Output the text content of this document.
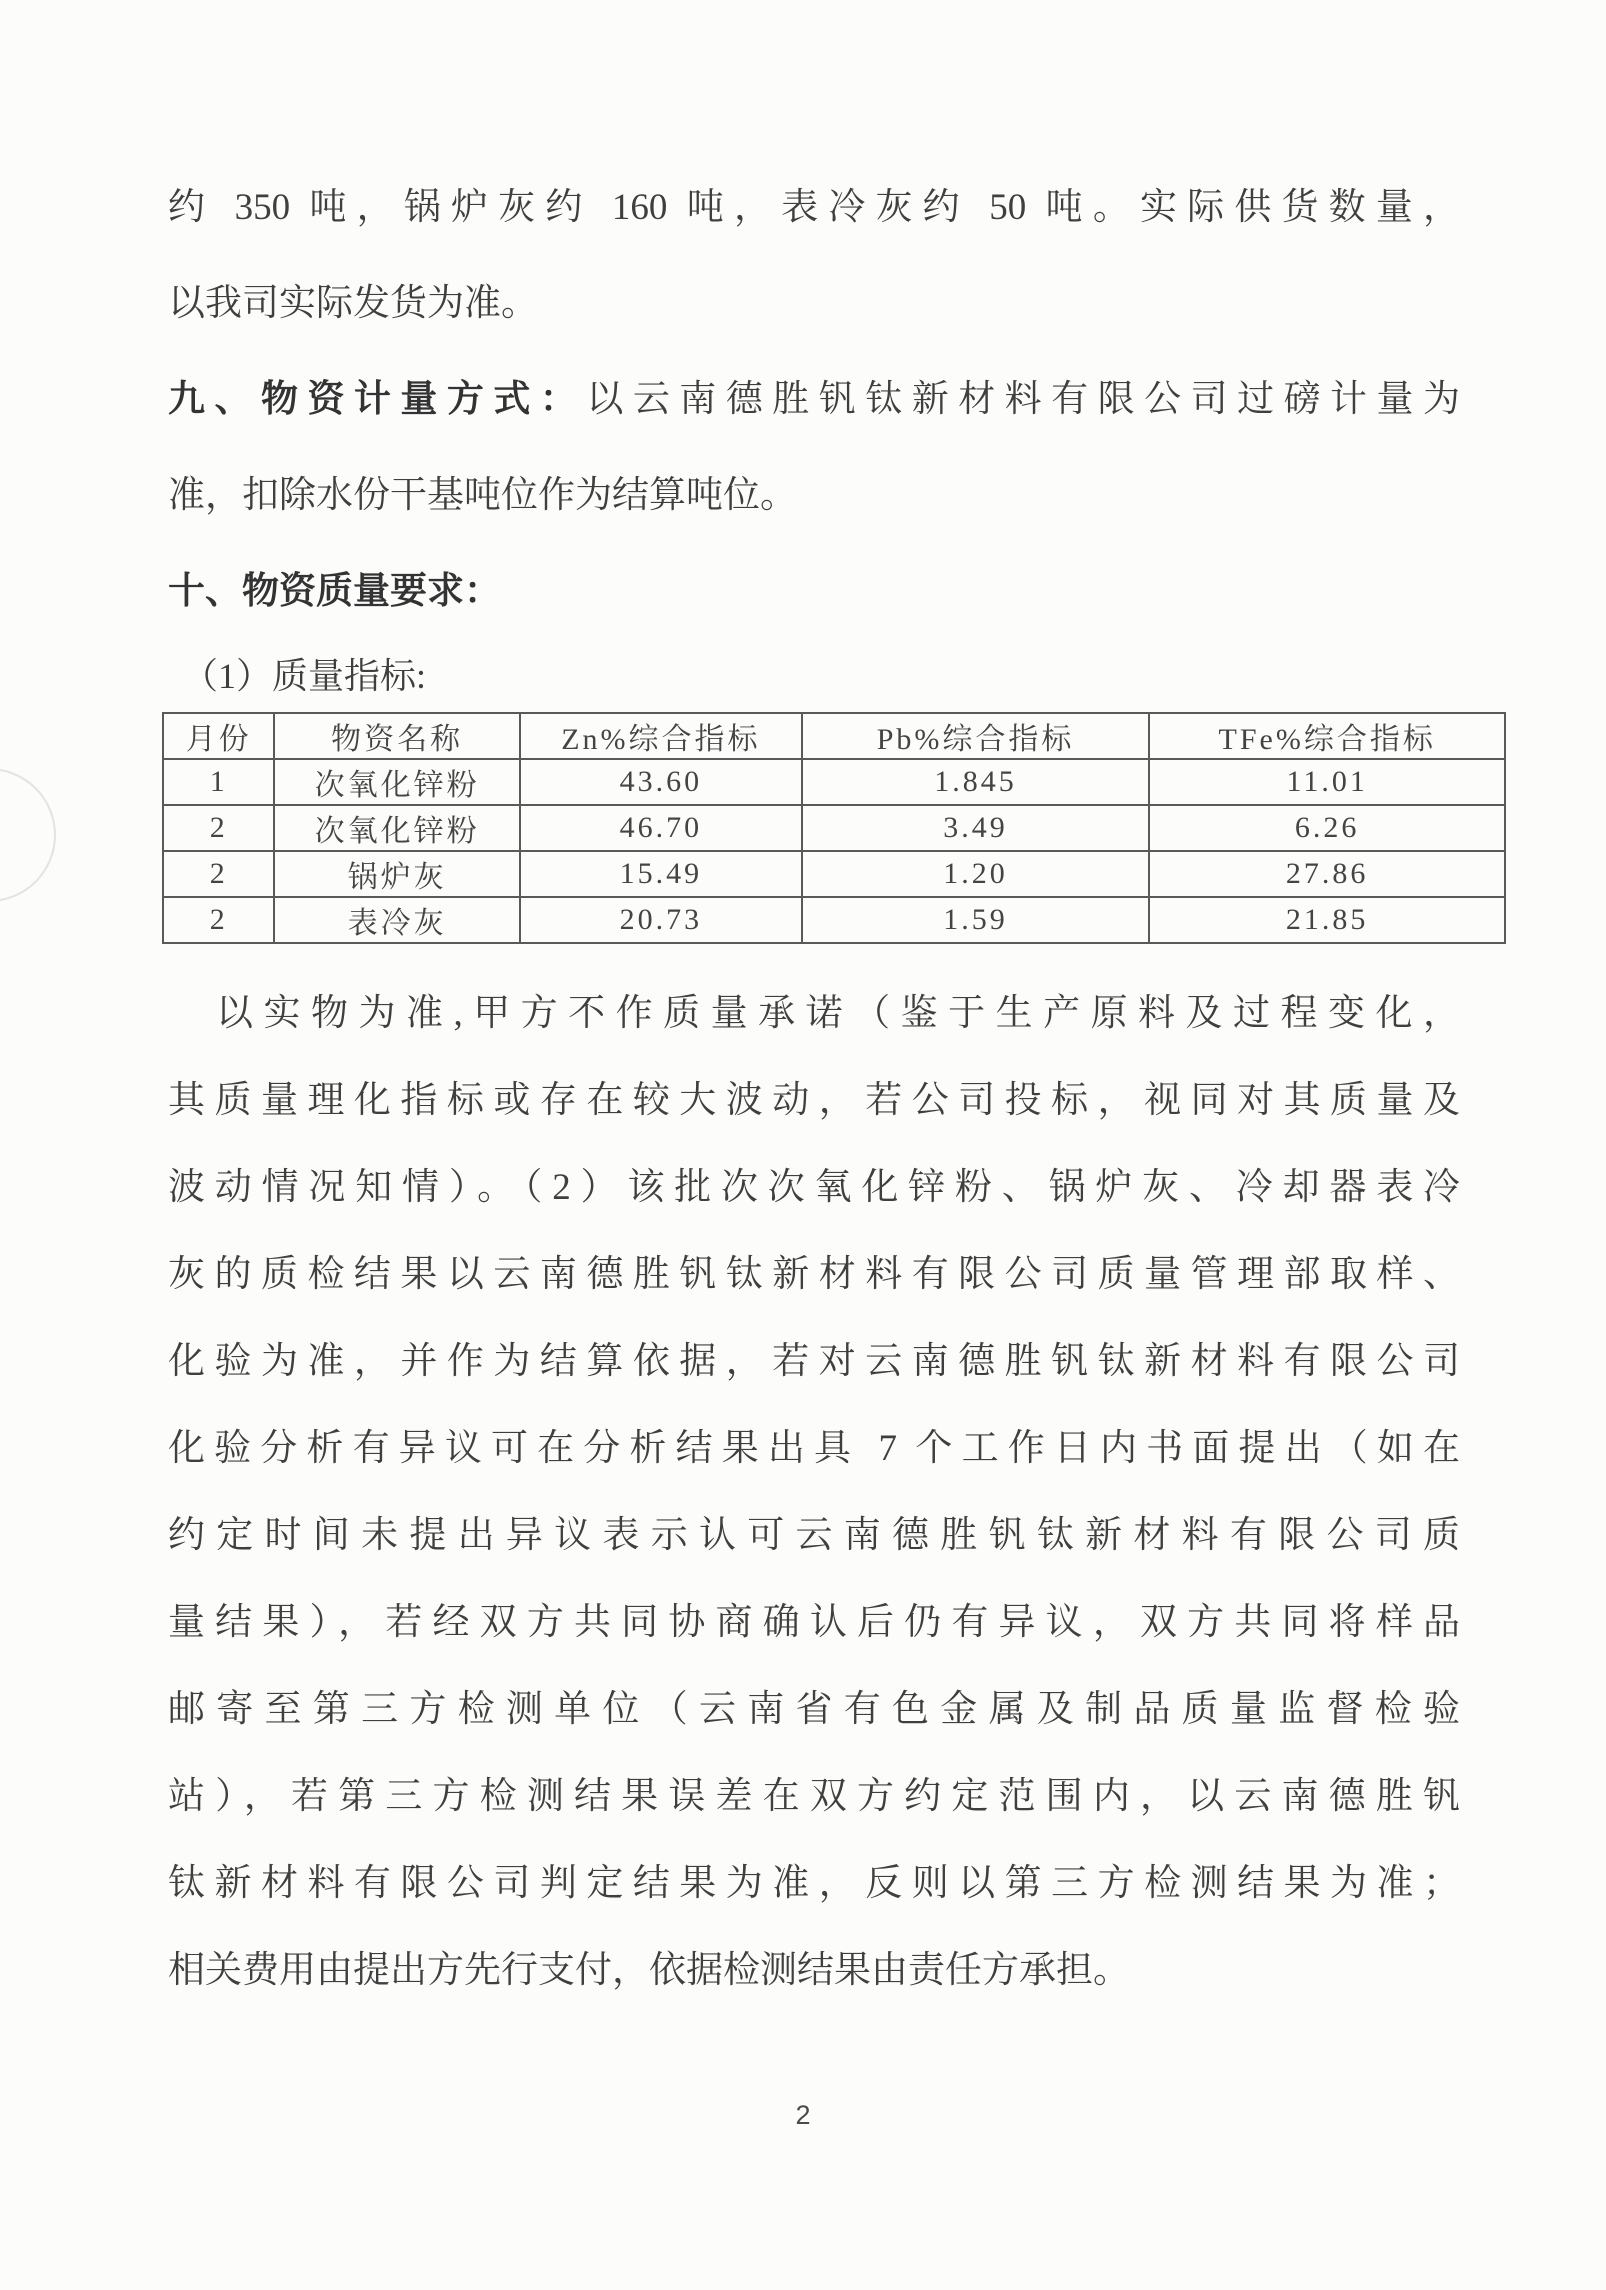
约 350 吨，锅炉灰约 160 吨，表冷灰约 50 吨。实际供货数量，
以我司实际发货为准。
九、物资计量方式：以云南德胜钒钛新材料有限公司过磅计量为
准，扣除水份干基吨位作为结算吨位。
十、物资质量要求：
（1）质量指标:
月份	物资名称	Zn%综合指标	Pb%综合指标	TFe%综合指标
1	次氧化锌粉	43.60	1.845	11.01
2	次氧化锌粉	46.70	3.49	6.26
2	锅炉灰	15.49	1.20	27.86
2	表冷灰	20.73	1.59	21.85
以实物为准,甲方不作质量承诺（鉴于生产原料及过程变化，
其质量理化指标或存在较大波动，若公司投标，视同对其质量及
波动情况知情）。（2）该批次次氧化锌粉、锅炉灰、冷却器表冷
灰的质检结果以云南德胜钒钛新材料有限公司质量管理部取样、
化验为准，并作为结算依据，若对云南德胜钒钛新材料有限公司
化验分析有异议可在分析结果出具 7 个工作日内书面提出（如在
约定时间未提出异议表示认可云南德胜钒钛新材料有限公司质
量结果），若经双方共同协商确认后仍有异议，双方共同将样品
邮寄至第三方检测单位（云南省有色金属及制品质量监督检验
站），若第三方检测结果误差在双方约定范围内，以云南德胜钒
钛新材料有限公司判定结果为准，反则以第三方检测结果为准；
相关费用由提出方先行支付，依据检测结果由责任方承担。
2
